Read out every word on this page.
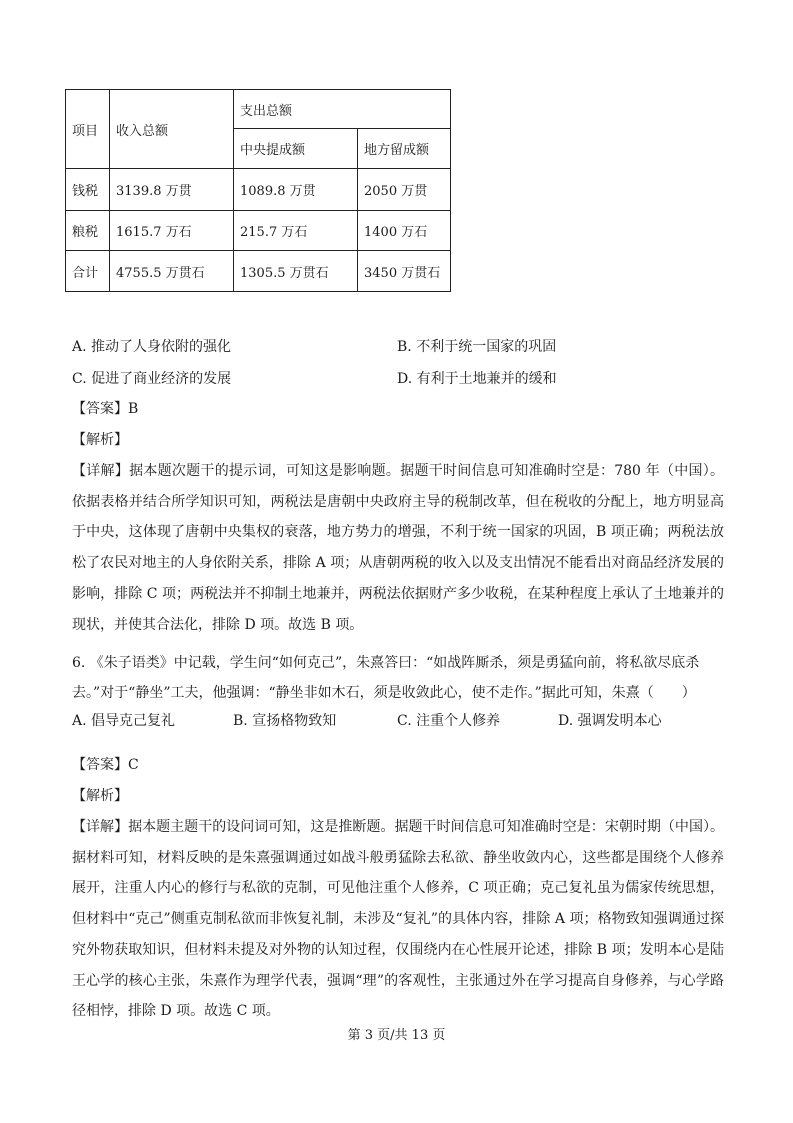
项目	收入总额	支出总额	
		中央提成额	地方留成额
钱税	3139.8 万贯	1089.8 万贯	2050 万贯
粮税	1615.7 万石	215.7 万石	1400 万石
合计	4755.5 万贯石	1305.5 万贯石	3450 万贯石
A. 推动了人身依附的强化	B. 不利于统一国家的巩固
C. 促进了商业经济的发展	D. 有利于土地兼并的缓和
【答案】B
【解析】
【详解】据本题次题干的提示词，可知这是影响题。据题干时间信息可知准确时空是：780 年（中国）。依据表格并结合所学知识可知，两税法是唐朝中央政府主导的税制改革，但在税收的分配上，地方明显高于中央，这体现了唐朝中央集权的衰落，地方势力的增强，不利于统一国家的巩固，B 项正确；两税法放松了农民对地主的人身依附关系，排除 A 项；从唐朝两税的收入以及支出情况不能看出对商品经济发展的影响，排除 C 项；两税法并不抑制土地兼并，两税法依据财产多少收税，在某种程度上承认了土地兼并的现状，并使其合法化，排除 D 项。故选 B 项。
6. 《朱子语类》中记载，学生问“如何克己”，朱熹答曰：“如战阵厮杀，须是勇猛向前，将私欲尽底杀去。”对于“静坐”工夫，他强调：“静坐非如木石，须是收敛此心，使不走作。”据此可知，朱熹（　　）
A. 倡导克己复礼	B. 宣扬格物致知	C. 注重个人修养	D. 强调发明本心
【答案】C
【解析】
【详解】据本题主题干的设问词可知，这是推断题。据题干时间信息可知准确时空是：宋朝时期（中国）。据材料可知，材料反映的是朱熹强调通过如战斗般勇猛除去私欲、静坐收敛内心，这些都是围绕个人修养展开，注重人内心的修行与私欲的克制，可见他注重个人修养，C 项正确；克己复礼虽为儒家传统思想，但材料中“克己”侧重克制私欲而非恢复礼制，未涉及“复礼”的具体内容，排除 A 项；格物致知强调通过探究外物获取知识，但材料未提及对外物的认知过程，仅围绕内在心性展开论述，排除 B 项；发明本心是陆王心学的核心主张，朱熹作为理学代表，强调“理”的客观性，主张通过外在学习提高自身修养，与心学路径相悖，排除 D 项。故选 C 项。
第 3 页/共 13 页
